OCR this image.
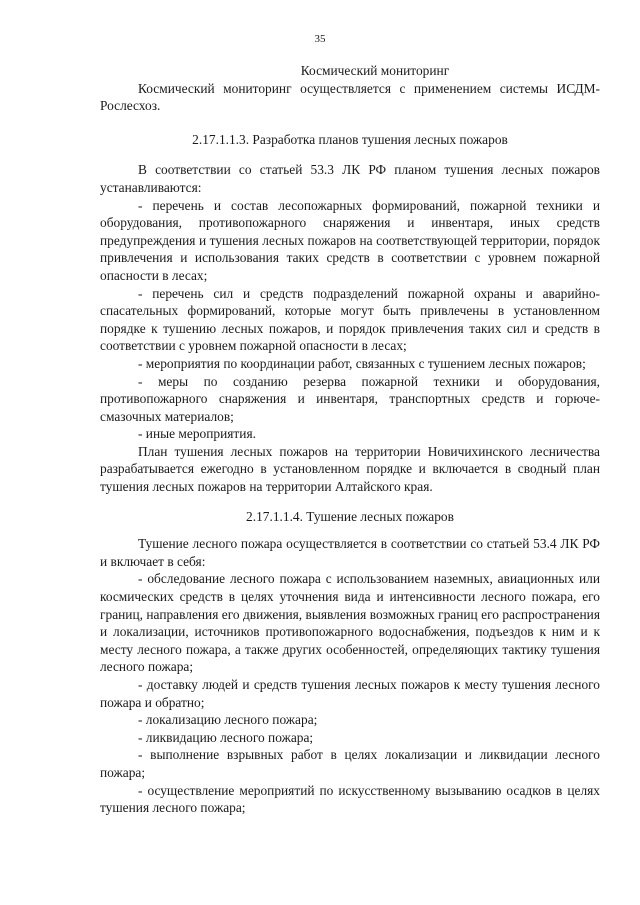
35

Космический мониторинг

Космический мониторинг осуществляется с применением системы ИСДМ-Рослесхоз.

2.17.1.1.3. Разработка планов тушения лесных пожаров

В соответствии со статьей 53.3 ЛК РФ планом тушения лесных пожаров устанавливаются:

- перечень и состав лесопожарных формирований, пожарной техники и оборудования, противопожарного снаряжения и инвентаря, иных средств предупреждения и тушения лесных пожаров на соответствующей территории, порядок привлечения и использования таких средств в соответствии с уровнем пожарной опасности в лесах;

- перечень сил и средств подразделений пожарной охраны и аварийно-спасательных формирований, которые могут быть привлечены в установленном порядке к тушению лесных пожаров, и порядок привлечения таких сил и средств в соответствии с уровнем пожарной опасности в лесах;

- мероприятия по координации работ, связанных с тушением лесных пожаров;

- меры по созданию резерва пожарной техники и оборудования, противопожарного снаряжения и инвентаря, транспортных средств и горюче-смазочных материалов;

- иные мероприятия.

План тушения лесных пожаров на территории Новичихинского лесничества разрабатывается ежегодно в установленном порядке и включается в сводный план тушения лесных пожаров на территории Алтайского края.

2.17.1.1.4. Тушение лесных пожаров

Тушение лесного пожара осуществляется в соответствии со статьей 53.4 ЛК РФ и включает в себя:

- обследование лесного пожара с использованием наземных, авиационных или космических средств в целях уточнения вида и интенсивности лесного пожара, его границ, направления его движения, выявления возможных границ его распространения и локализации, источников противопожарного водоснабжения, подъездов к ним и к месту лесного пожара, а также других особенностей, определяющих тактику тушения лесного пожара;

- доставку людей и средств тушения лесных пожаров к месту тушения лесного пожара и обратно;

- локализацию лесного пожара;

- ликвидацию лесного пожара;

- выполнение взрывных работ в целях локализации и ликвидации лесного пожара;

- осуществление мероприятий по искусственному вызыванию осадков в целях тушения лесного пожара;
